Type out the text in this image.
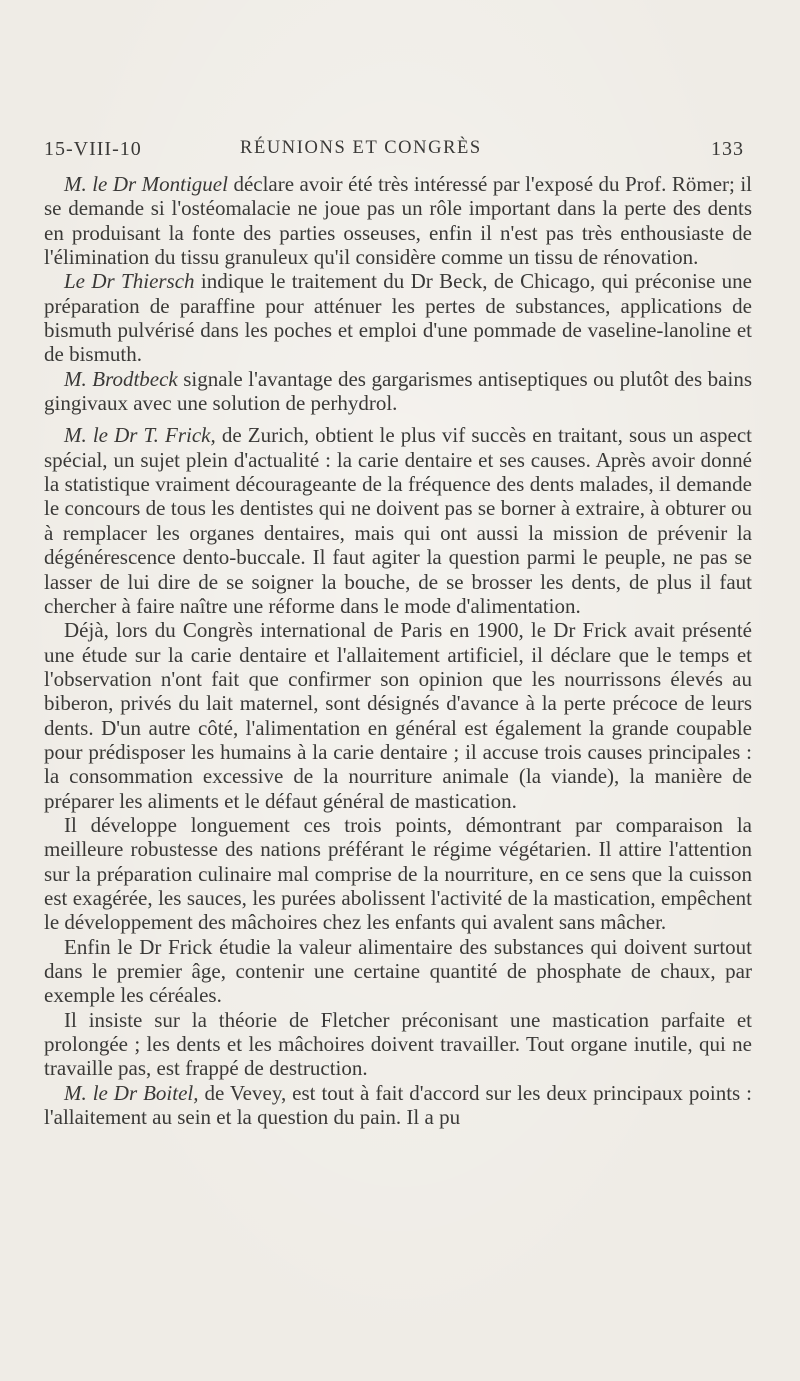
15-VIII-10	RÉUNIONS ET CONGRÈS	133

M. le Dr Montiguel déclare avoir été très intéressé par l'exposé du Prof. Römer; il se demande si l'ostéomalacie ne joue pas un rôle important dans la perte des dents en produisant la fonte des parties osseuses, enfin il n'est pas très enthousiaste de l'élimination du tissu granuleux qu'il considère comme un tissu de rénovation.

Le Dr Thiersch indique le traitement du Dr Beck, de Chicago, qui préconise une préparation de paraffine pour atténuer les pertes de substances, applications de bismuth pulvérisé dans les poches et emploi d'une pommade de vaseline-lanoline et de bismuth.

M. Brodtbeck signale l'avantage des gargarismes antiseptiques ou plutôt des bains gingivaux avec une solution de perhydrol.

M. le Dr T. Frick, de Zurich, obtient le plus vif succès en traitant, sous un aspect spécial, un sujet plein d'actualité : la carie dentaire et ses causes. Après avoir donné la statistique vraiment décourageante de la fréquence des dents malades, il demande le concours de tous les dentistes qui ne doivent pas se borner à extraire, à obturer ou à remplacer les organes dentaires, mais qui ont aussi la mission de prévenir la dégénérescence dento-buccale. Il faut agiter la question parmi le peuple, ne pas se lasser de lui dire de se soigner la bouche, de se brosser les dents, de plus il faut chercher à faire naître une réforme dans le mode d'alimentation.

Déjà, lors du Congrès international de Paris en 1900, le Dr Frick avait présenté une étude sur la carie dentaire et l'allaitement artificiel, il déclare que le temps et l'observation n'ont fait que confirmer son opinion que les nourrissons élevés au biberon, privés du lait maternel, sont désignés d'avance à la perte précoce de leurs dents. D'un autre côté, l'alimentation en général est également la grande coupable pour prédisposer les humains à la carie dentaire ; il accuse trois causes principales : la consommation excessive de la nourriture animale (la viande), la manière de préparer les aliments et le défaut général de mastication.

Il développe longuement ces trois points, démontrant par comparaison la meilleure robustesse des nations préférant le régime végétarien. Il attire l'attention sur la préparation culinaire mal comprise de la nourriture, en ce sens que la cuisson est exagérée, les sauces, les purées abolissent l'activité de la mastication, empêchent le développement des mâchoires chez les enfants qui avalent sans mâcher.

Enfin le Dr Frick étudie la valeur alimentaire des substances qui doivent surtout dans le premier âge, contenir une certaine quantité de phosphate de chaux, par exemple les céréales.

Il insiste sur la théorie de Fletcher préconisant une mastication parfaite et prolongée ; les dents et les mâchoires doivent travailler. Tout organe inutile, qui ne travaille pas, est frappé de destruction.

M. le Dr Boitel, de Vevey, est tout à fait d'accord sur les deux principaux points : l'allaitement au sein et la question du pain. Il a pu
